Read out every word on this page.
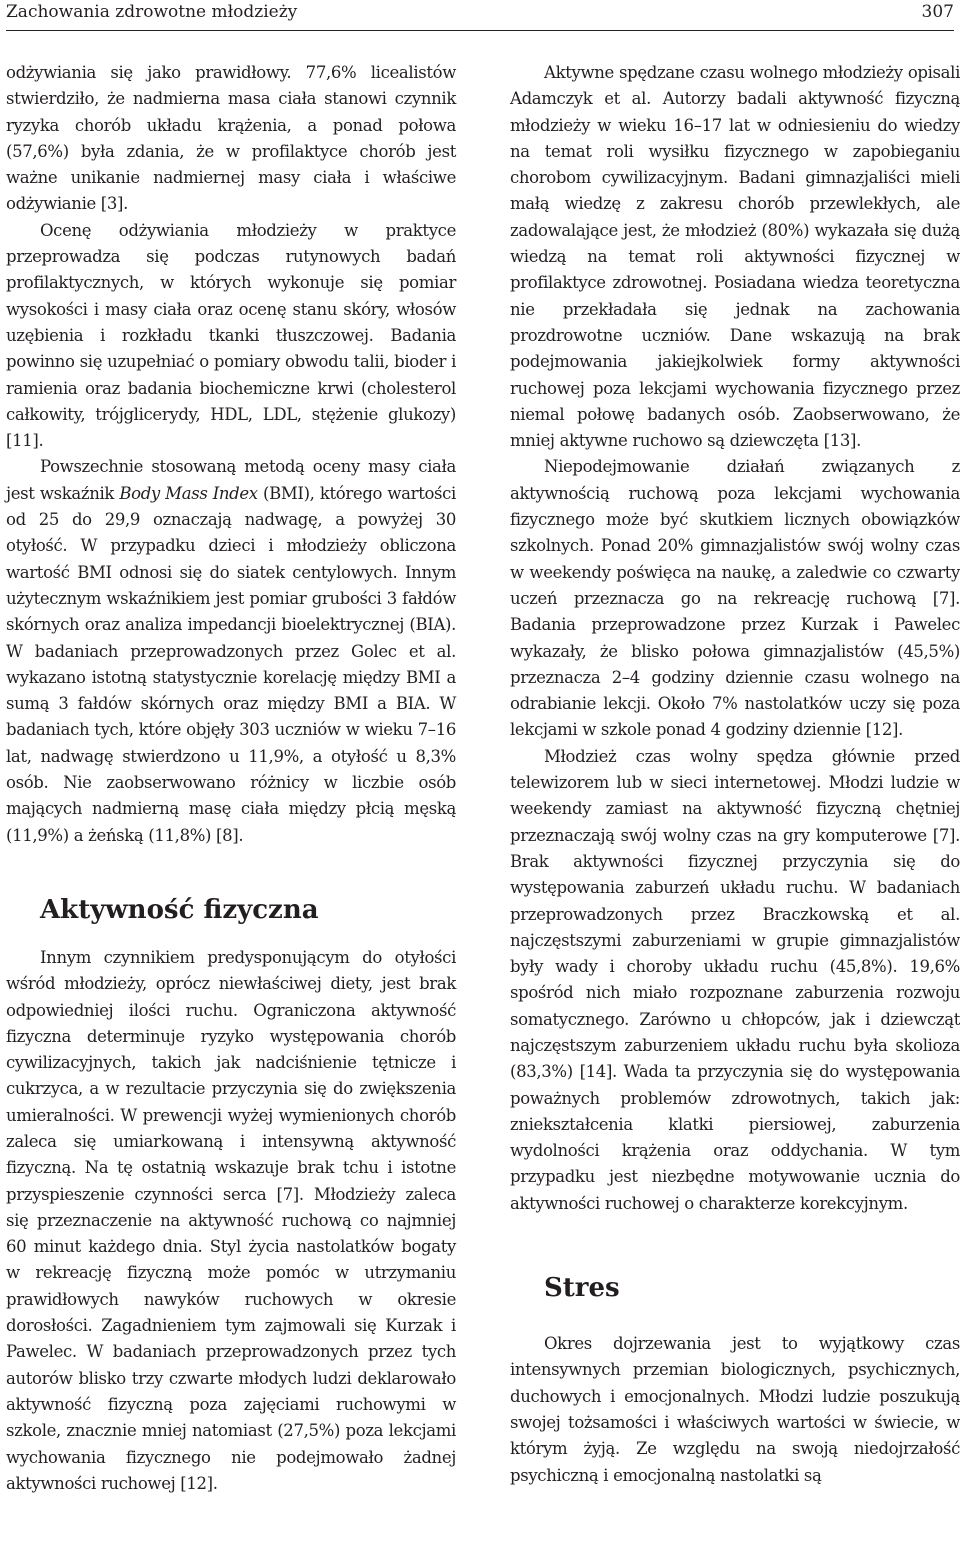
Zachowania zdrowotne młodzieży	307

odżywiania się jako prawidłowy. 77,6% licealistów stwierdziło, że nadmierna masa ciała stanowi czynnik ryzyka chorób układu krążenia, a ponad połowa (57,6%) była zdania, że w profilaktyce chorób jest ważne unikanie nadmiernej masy ciała i właściwe odżywianie [3].

Ocenę odżywiania młodzieży w praktyce przeprowadza się podczas rutynowych badań profilaktycznych, w których wykonuje się pomiar wysokości i masy ciała oraz ocenę stanu skóry, włosów uzębienia i rozkładu tkanki tłuszczowej. Badania powinno się uzupełniać o pomiary obwodu talii, bioder i ramienia oraz badania biochemiczne krwi (cholesterol całkowity, trójglicerydy, HDL, LDL, stężenie glukozy) [11].

Powszechnie stosowaną metodą oceny masy ciała jest wskaźnik Body Mass Index (BMI), którego wartości od 25 do 29,9 oznaczają nadwagę, a powyżej 30 otyłość. W przypadku dzieci i młodzieży obliczona wartość BMI odnosi się do siatek centylowych. Innym użytecznym wskaźnikiem jest pomiar grubości 3 fałdów skórnych oraz analiza impedancji bioelektrycznej (BIA). W badaniach przeprowadzonych przez Golec et al. wykazano istotną statystycznie korelację między BMI a sumą 3 fałdów skórnych oraz między BMI a BIA. W badaniach tych, które objęły 303 uczniów w wieku 7–16 lat, nadwagę stwierdzono u 11,9%, a otyłość u 8,3% osób. Nie zaobserwowano różnicy w liczbie osób mających nadmierną masę ciała między płcią męską (11,9%) a żeńską (11,8%) [8].

Aktywność fizyczna

Innym czynnikiem predysponującym do otyłości wśród młodzieży, oprócz niewłaściwej diety, jest brak odpowiedniej ilości ruchu. Ograniczona aktywność fizyczna determinuje ryzyko występowania chorób cywilizacyjnych, takich jak nadciśnienie tętnicze i cukrzyca, a w rezultacie przyczynia się do zwiększenia umieralności. W prewencji wyżej wymienionych chorób zaleca się umiarkowaną i intensywną aktywność fizyczną. Na tę ostatnią wskazuje brak tchu i istotne przyspieszenie czynności serca [7]. Młodzieży zaleca się przeznaczenie na aktywność ruchową co najmniej 60 minut każdego dnia. Styl życia nastolatków bogaty w rekreację fizyczną może pomóc w utrzymaniu prawidłowych nawyków ruchowych w okresie dorosłości. Zagadnieniem tym zajmowali się Kurzak i Pawelec. W badaniach przeprowadzonych przez tych autorów blisko trzy czwarte młodych ludzi deklarowało aktywność fizyczną poza zajęciami ruchowymi w szkole, znacznie mniej natomiast (27,5%) poza lekcjami wychowania fizycznego nie podejmowało żadnej aktywności ruchowej [12].

Aktywne spędzane czasu wolnego młodzieży opisali Adamczyk et al. Autorzy badali aktywność fizyczną młodzieży w wieku 16–17 lat w odniesieniu do wiedzy na temat roli wysiłku fizycznego w zapobieganiu chorobom cywilizacyjnym. Badani gimnazjaliści mieli małą wiedzę z zakresu chorób przewlekłych, ale zadowalające jest, że młodzież (80%) wykazała się dużą wiedzą na temat roli aktywności fizycznej w profilaktyce zdrowotnej. Posiadana wiedza teoretyczna nie przekładała się jednak na zachowania prozdrowotne uczniów. Dane wskazują na brak podejmowania jakiejkolwiek formy aktywności ruchowej poza lekcjami wychowania fizycznego przez niemal połowę badanych osób. Zaobserwowano, że mniej aktywne ruchowo są dziewczęta [13].

Niepodejmowanie działań związanych z aktywnością ruchową poza lekcjami wychowania fizycznego może być skutkiem licznych obowiązków szkolnych. Ponad 20% gimnazjalistów swój wolny czas w weekendy poświęca na naukę, a zaledwie co czwarty uczeń przeznacza go na rekreację ruchową [7]. Badania przeprowadzone przez Kurzak i Pawelec wykazały, że blisko połowa gimnazjalistów (45,5%) przeznacza 2–4 godziny dziennie czasu wolnego na odrabianie lekcji. Około 7% nastolatków uczy się poza lekcjami w szkole ponad 4 godziny dziennie [12].

Młodzież czas wolny spędza głównie przed telewizorem lub w sieci internetowej. Młodzi ludzie w weekendy zamiast na aktywność fizyczną chętniej przeznaczają swój wolny czas na gry komputerowe [7]. Brak aktywności fizycznej przyczynia się do występowania zaburzeń układu ruchu. W badaniach przeprowadzonych przez Braczkowską et al. najczęstszymi zaburzeniami w grupie gimnazjalistów były wady i choroby układu ruchu (45,8%). 19,6% spośród nich miało rozpoznane zaburzenia rozwoju somatycznego. Zarówno u chłopców, jak i dziewcząt najczęstszym zaburzeniem układu ruchu była skolioza (83,3%) [14]. Wada ta przyczynia się do występowania poważnych problemów zdrowotnych, takich jak: zniekształcenia klatki piersiowej, zaburzenia wydolności krążenia oraz oddychania. W tym przypadku jest niezbędne motywowanie ucznia do aktywności ruchowej o charakterze korekcyjnym.

Stres

Okres dojrzewania jest to wyjątkowy czas intensywnych przemian biologicznych, psychicznych, duchowych i emocjonalnych. Młodzi ludzie poszukują swojej tożsamości i właściwych wartości w świecie, w którym żyją. Ze względu na swoją niedojrzałość psychiczną i emocjonalną nastolatki są
